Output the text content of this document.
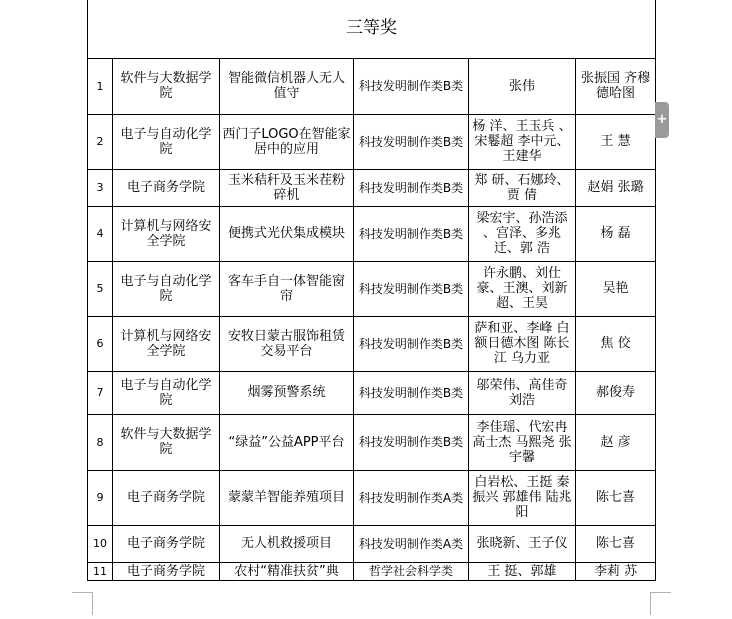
三等奖					
1	软件与大数据学院	智能微信机器人无人值守	科技发明制作类B类	张伟	张振国 齐穆德哈图
2	电子与自动化学院	西门子LOGO在智能家居中的应用	科技发明制作类B类	杨 洋、王玉兵 、宋鬈超 李中元、王建华	王 慧
3	电子商务学院	玉米秸秆及玉米茬粉碎机	科技发明制作类B类	郑 研、石娜玲、贾 倩	赵娟 张璐
4	计算机与网络安全学院	便携式光伏集成模块	科技发明制作类B类	梁宏宇、孙浩添 、宫泽、多兆迁、郭 浩	杨 磊
5	电子与自动化学院	客车手自一体智能窗帘	科技发明制作类B类	许永鹏、刘仕豪、王澳、刘新超、王昊	吴艳
6	计算机与网络安全学院	安牧日蒙古服饰租赁交易平台	科技发明制作类B类	萨和亚、李峰 白额日德木图 陈长江 乌力亚	焦 佼
7	电子与自动化学院	烟雾预警系统	科技发明制作类B类	邬荣伟、高佳奇 刘浩	郝俊寿
8	软件与大数据学院	“绿益”公益APP平台	科技发明制作类B类	李佳瑶、代宏冉 高士杰 马熙尧 张宇馨	赵 彦
9	电子商务学院	蒙蒙羊智能养殖项目	科技发明制作类A类	白岩松、王挺 秦振兴 郭雄伟 陆兆阳	陈七喜
10	电子商务学院	无人机救援项目	科技发明制作类A类	张晓新、王子仪	陈七喜
11	电子商务学院	农村“精准扶贫”典	哲学社会科学类	王 挺、郭雄	李莉 苏
+
